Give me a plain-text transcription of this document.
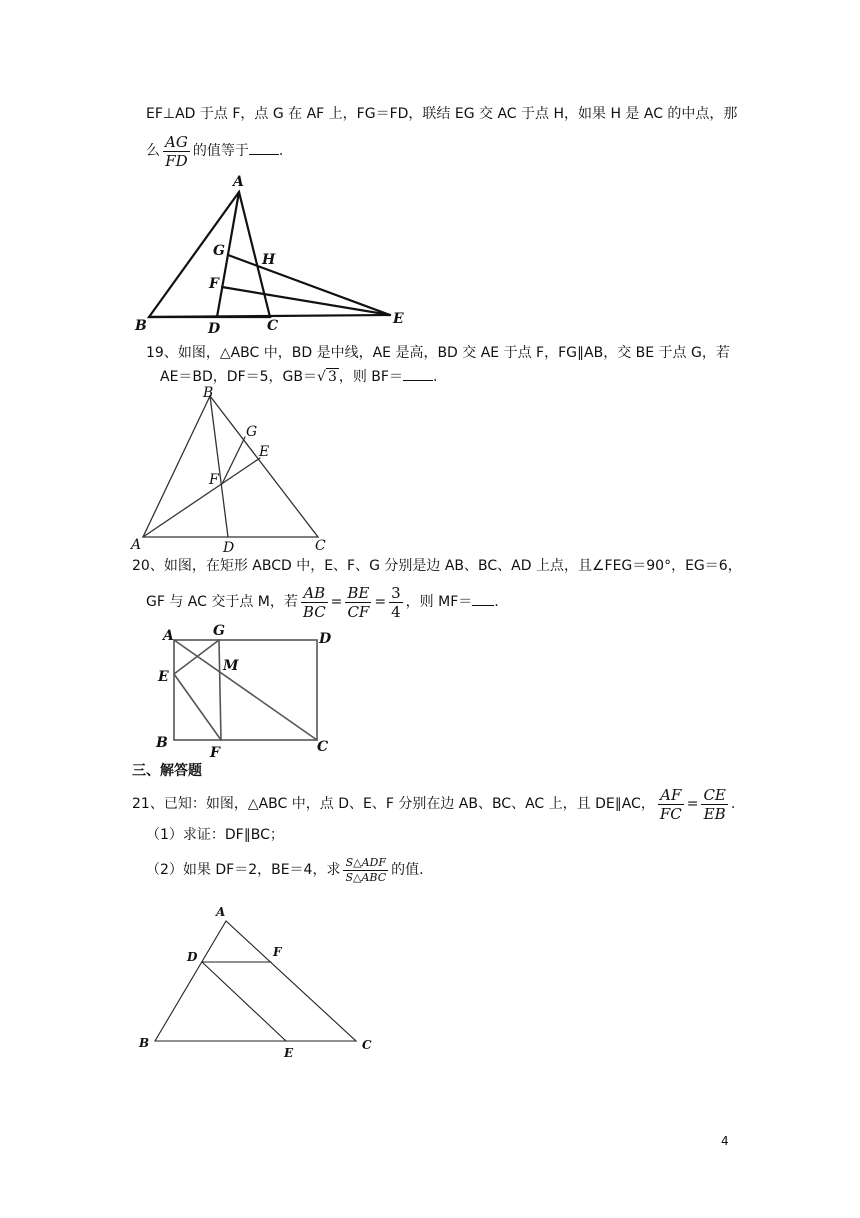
EF⊥AD 于点 F，点 G 在 AF 上，FG＝FD，联结 EG 交 AC 于点 H，如果 H 是 AC 的中点，那
么 $\frac{AG}{FD}$ 的值等于 .
A
B	D	C	E
G
H
F
19、如图，△ABC 中，BD 是中线，AE 是高，BD 交 AE 于点 F，FG∥AB，交 BE 于点 G，若
AE＝BD，DF＝5，GB＝√ 3 ，则 BF＝ .
B
G
E
F
A	D	C
20、如图，在矩形 ABCD 中，E、F、G 分别是边 AB、BC、AD 上点，且∠FEG＝90°，EG＝6，
GF 与 AC 交于点 M，若 $\frac{AB}{BC} = \frac{BE}{CF} = \frac{3}{4}$ ，则 MF＝ .
A	G	D
M
E
B
F	C
三、解答题
21、已知：如图，△ABC 中，点 D、E、F 分别在边 AB、BC、AC 上，且 DE∥AC， $\frac{AF}{FC} = \frac{CE}{EB}$ .
（1）求证：DF∥BC；
（2）如果 DF＝2，BE＝4，求 $\frac{\text{S△ADF}}{\text{S△ABC}}$ 的值.
A
D	F
B
E
C
4
